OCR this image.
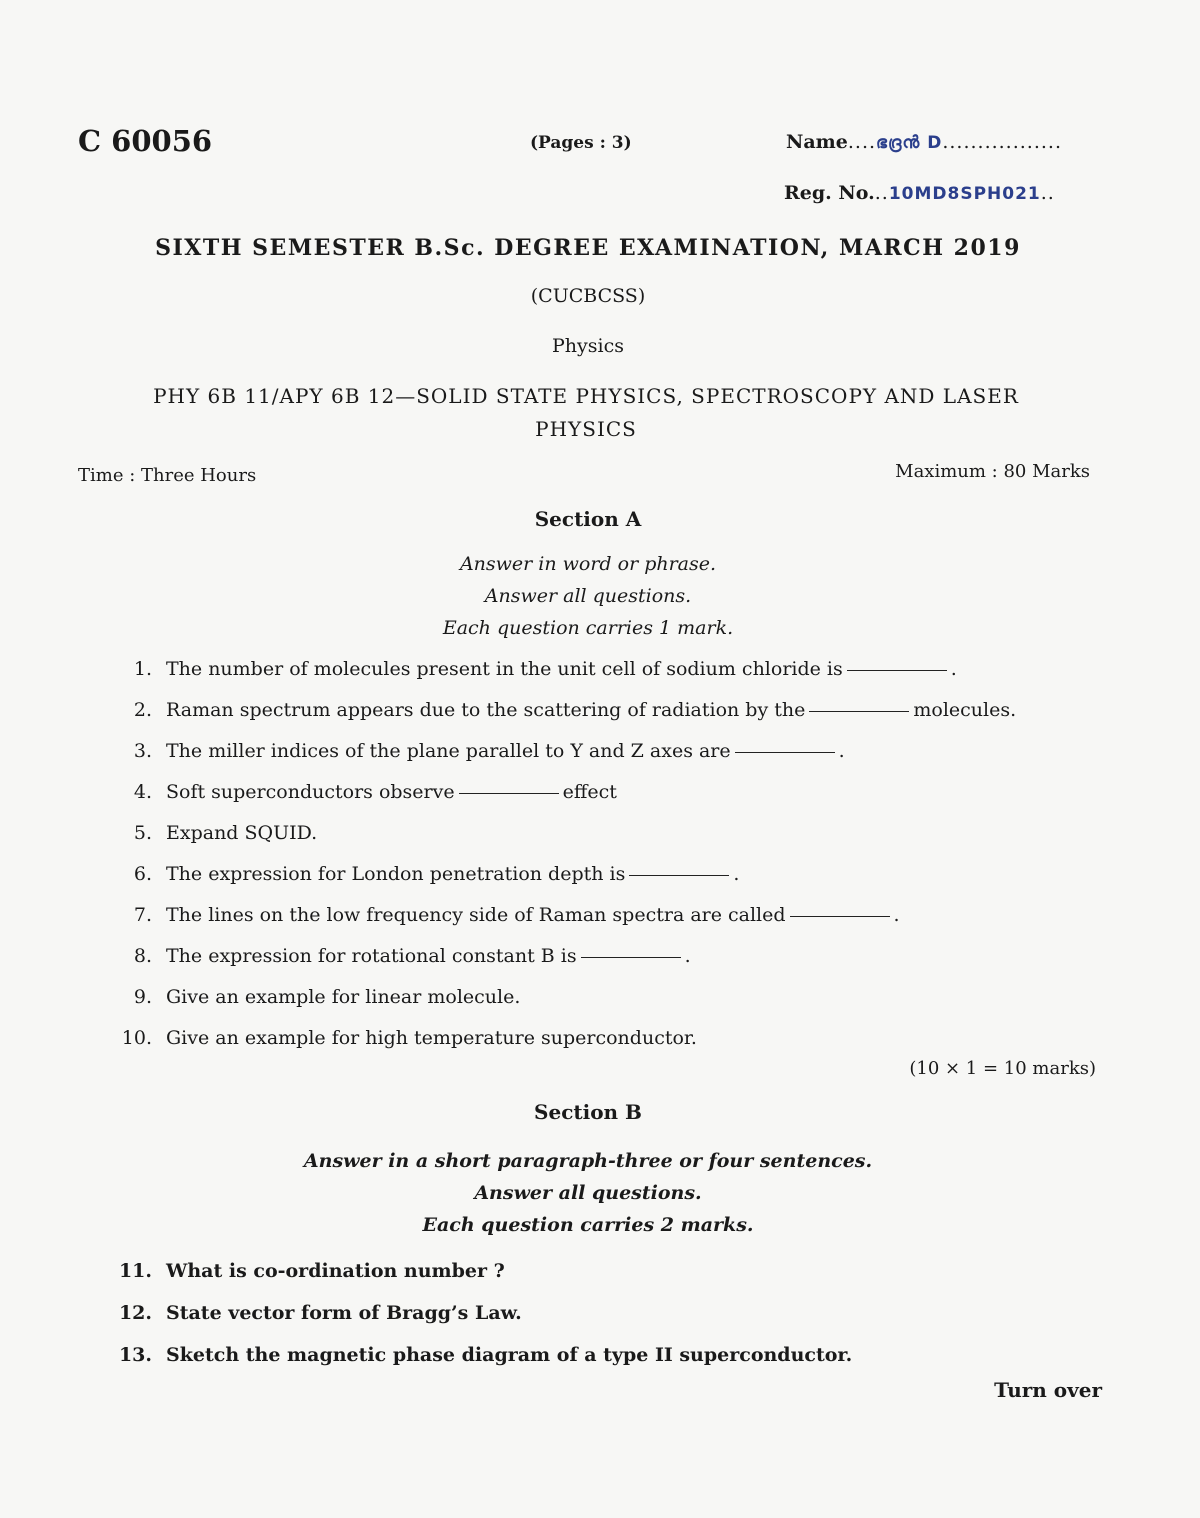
C 60056	(Pages : 3)	Name....ഭദ്രന്‍ D.................
Reg. No...10MD8SPH021..
SIXTH SEMESTER B.Sc. DEGREE EXAMINATION, MARCH 2019
(CUCBCSS)
Physics
PHY 6B 11/APY 6B 12—SOLID STATE PHYSICS, SPECTROSCOPY AND LASER
PHYSICS
Time : Three Hours	Maximum : 80 Marks
Section A
Answer in word or phrase.
Answer all questions.
Each question carries 1 mark.
1. The number of molecules present in the unit cell of sodium chloride is	.
2. Raman spectrum appears due to the scattering of radiation by the	molecules.
3. The miller indices of the plane parallel to Y and Z axes are	.
4. Soft superconductors observe	effect
5. Expand SQUID.
6. The expression for London penetration depth is	.
7. The lines on the low frequency side of Raman spectra are called	.
8. The expression for rotational constant B is	.
9. Give an example for linear molecule.
10. Give an example for high temperature superconductor.
(10 × 1 = 10 marks)
Section B
Answer in a short paragraph-three or four sentences.
Answer all questions.
Each question carries 2 marks.
11. What is co-ordination number ?
12. State vector form of Bragg’s Law.
13. Sketch the magnetic phase diagram of a type II superconductor.
Turn over
